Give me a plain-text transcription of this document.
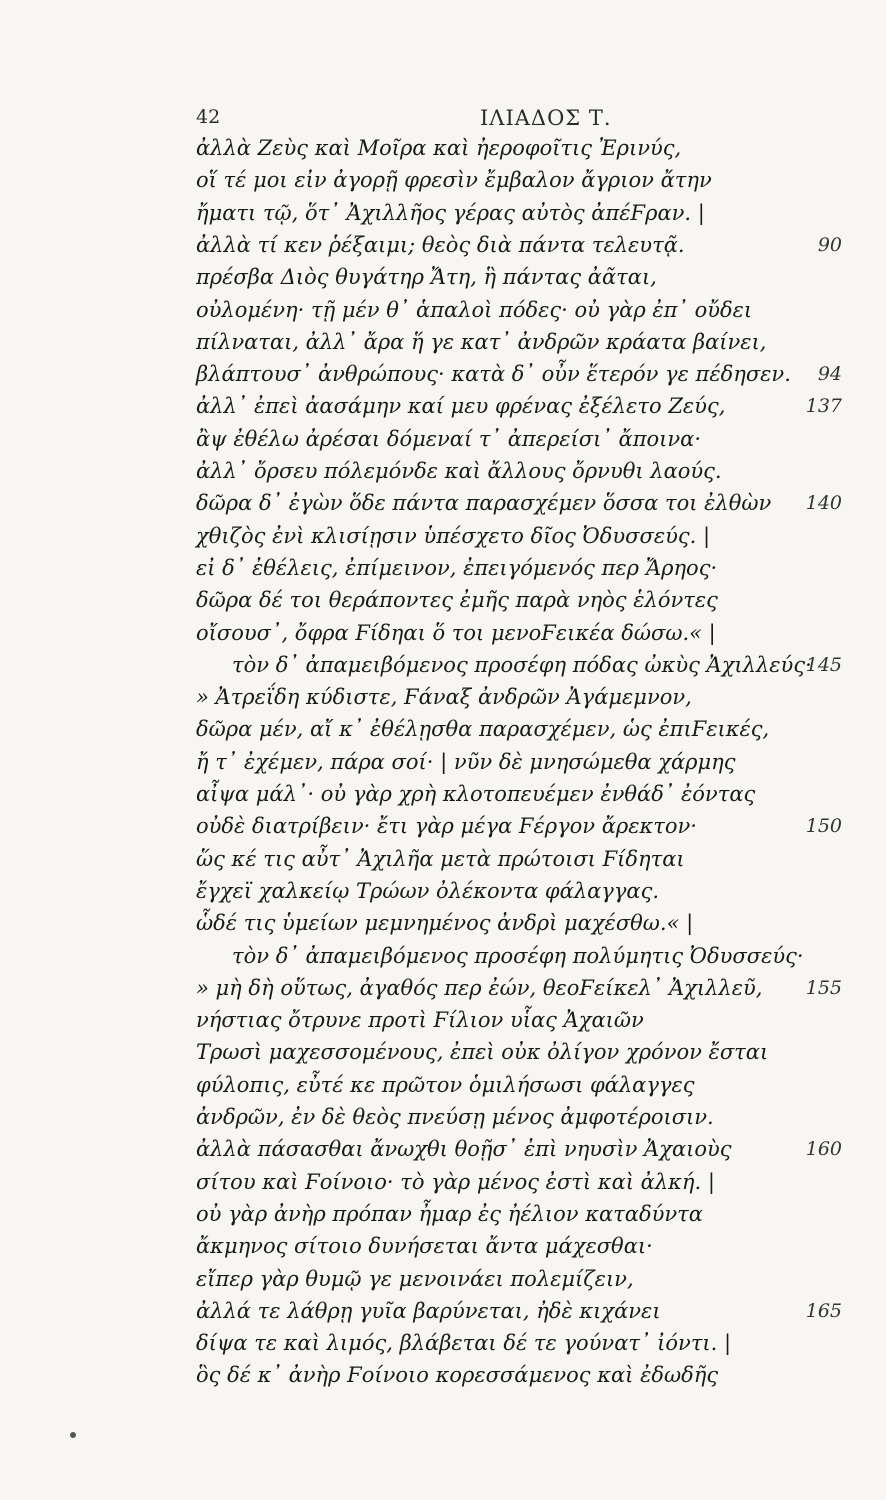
42	ΙΛΙΑΔΟΣ Τ.
ἀλλὰ Ζεὺς καὶ Μοῖρα καὶ ἠεροφοῖτις Ἐρινύς,
οἵ τέ μοι εἰν ἀγορῇ φρεσὶν ἔμβαλον ἄγριον ἄτην
ἤματι τῷ, ὅτ᾿ Ἀχιλλῆος γέρας αὐτὸς ἀπέϜραν. |
ἀλλὰ τί κεν ῥέξαιμι; θεὸς διὰ πάντα τελευτᾷ.	90
πρέσβα Διὸς θυγάτηρ Ἄτη, ἣ πάντας ἀᾶται,
οὐλομένη· τῇ μέν θ᾿ ἁπαλοὶ πόδες· οὐ γὰρ ἐπ᾿ οὔδει
πίλναται, ἀλλ᾿ ἄρα ἥ γε κατ᾿ ἀνδρῶν κράατα βαίνει,
βλάπτουσ᾿ ἀνθρώπους· κατὰ δ᾿ οὖν ἕτερόν γε πέδησεν. 94
ἀλλ᾿ ἐπεὶ ἀασάμην καί μευ φρένας ἐξέλετο Ζεύς,	137
ἂψ ἐθέλω ἀρέσαι δόμεναί τ᾿ ἀπερείσι᾿ ἄποινα·
ἀλλ᾿ ὄρσευ πόλεμόνδε καὶ ἄλλους ὄρνυθι λαούς.
δῶρα δ᾿ ἐγὼν ὅδε πάντα παρασχέμεν ὅσσα τοι ἐλθὼν 140
χθιζὸς ἐνὶ κλισίῃσιν ὑπέσχετο δῖος Ὀδυσσεύς. |
εἰ δ᾿ ἐθέλεις, ἐπίμεινον, ἐπειγόμενός περ Ἄρηος·
δῶρα δέ τοι θεράποντες ἐμῆς παρὰ νηὸς ἑλόντες
οἴσουσ᾿, ὄφρα Ϝίδηαι ὅ τοι μενοϜεικέα δώσω.« |
τὸν δ᾿ ἀπαμειβόμενος προσέφη πόδας ὠκὺς Ἀχιλλεύς·
145
» Ἀτρεΐδη κύδιστε, Ϝάναξ ἀνδρῶν Ἀγάμεμνον,
δῶρα μέν, αἴ κ᾿ ἐθέλῃσθα παρασχέμεν, ὡς ἐπιϜεικές,
ἤ τ᾿ ἐχέμεν, πάρα σοί· | νῦν δὲ μνησώμεθα χάρμης
αἶψα μάλ᾿· οὐ γὰρ χρὴ κλοτοπευέμεν ἐνθάδ᾿ ἐόντας
οὐδὲ διατρίβειν· ἔτι γὰρ μέγα Ϝέργον ἄρεκτον·	150
ὥς κέ τις αὖτ᾿ Ἀχιλῆα μετὰ πρώτοισι Ϝίδηται
ἔγχεϊ χαλκείῳ Τρώων ὀλέκοντα φάλαγγας.
ὧδέ τις ὑμείων μεμνημένος ἀνδρὶ μαχέσθω.« |
τὸν δ᾿ ἀπαμειβόμενος προσέφη πολύμητις Ὀδυσσεύς·
» μὴ δὴ οὕτως, ἀγαθός περ ἐών, θεοϜείκελ᾿ Ἀχιλλεῦ, 155
νήστιας ὄτρυνε προτὶ Ϝίλιον υἷας Ἀχαιῶν
Τρωσὶ μαχεσσομένους, ἐπεὶ οὐκ ὀλίγον χρόνον ἔσται
φύλοπις, εὖτέ κε πρῶτον ὁμιλήσωσι φάλαγγες
ἀνδρῶν, ἐν δὲ θεὸς πνεύσῃ μένος ἀμφοτέροισιν.
ἀλλὰ πάσασθαι ἄνωχθι θοῇσ᾿ ἐπὶ νηυσὶν Ἀχαιοὺς	160
σίτου καὶ Ϝοίνοιο· τὸ γὰρ μένος ἐστὶ καὶ ἀλκή. |
οὐ γὰρ ἀνὴρ πρόπαν ἦμαρ ἐς ἠέλιον καταδύντα
ἄκμηνος σίτοιο δυνήσεται ἄντα μάχεσθαι·
εἴπερ γὰρ θυμῷ γε μενοινάει πολεμίζειν,
ἀλλά τε λάθρῃ γυῖα βαρύνεται, ἠδὲ κιχάνει	165
δίψα τε καὶ λιμός, βλάβεται δέ τε γούνατ᾿ ἰόντι. |
ὃς δέ κ᾿ ἀνὴρ Ϝοίνοιο κορεσσάμενος καὶ ἐδωδῆς
